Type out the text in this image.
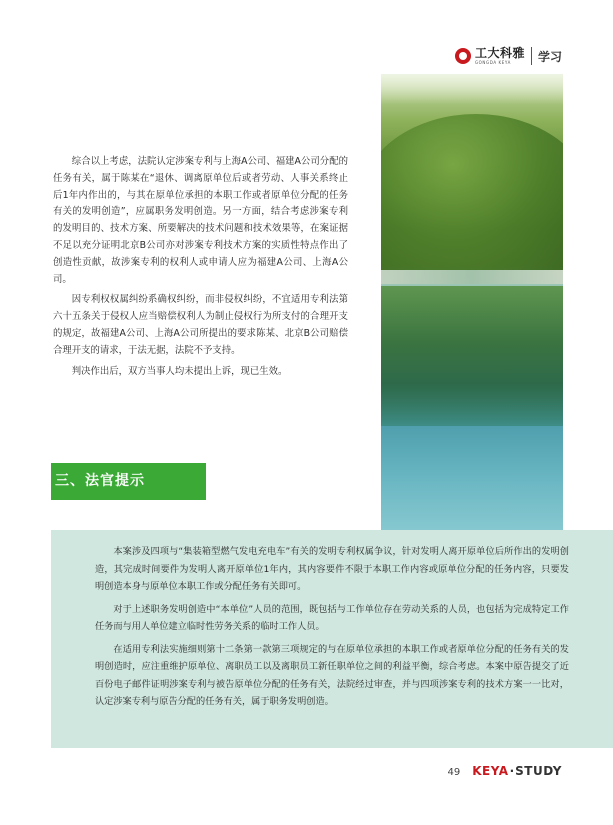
工大科雅
GONGDA KEYA	学习

综合以上考虑，法院认定涉案专利与上海A公司、福建A公司分配的任务有关，属于陈某在“退休、调离原单位后或者劳动、人事关系终止后1年内作出的，与其在原单位承担的本职工作或者原单位分配的任务有关的发明创造”，应属职务发明创造。另一方面，结合考虑涉案专利的发明目的、技术方案、所要解决的技术问题和技术效果等，在案证据不足以充分证明北京B公司亦对涉案专利技术方案的实质性特点作出了创造性贡献，故涉案专利的权利人或申请人应为福建A公司、上海A公司。

因专利权权属纠纷系确权纠纷，而非侵权纠纷，不宜适用专利法第六十五条关于侵权人应当赔偿权利人为制止侵权行为所支付的合理开支的规定，故福建A公司、上海A公司所提出的要求陈某、北京B公司赔偿合理开支的请求，于法无据，法院不予支持。

判决作出后，双方当事人均未提出上诉，现已生效。

三、法官提示

本案涉及四项与“集装箱型燃气发电充电车”有关的发明专利权属争议，针对发明人离开原单位后所作出的发明创造，其完成时间要件为发明人离开原单位1年内，其内容要件不限于本职工作内容或原单位分配的任务内容，只要发明创造本身与原单位本职工作或分配任务有关即可。

对于上述职务发明创造中“本单位”人员的范围，既包括与工作单位存在劳动关系的人员，也包括为完成特定工作任务而与用人单位建立临时性劳务关系的临时工作人员。

在适用专利法实施细则第十二条第一款第三项规定的与在原单位承担的本职工作或者原单位分配的任务有关的发明创造时，应注重维护原单位、离职员工以及离职员工新任职单位之间的利益平衡，综合考虑。本案中原告提交了近百份电子邮件证明涉案专利与被告原单位分配的任务有关，法院经过审查，并与四项涉案专利的技术方案一一比对，认定涉案专利与原告分配的任务有关，属于职务发明创造。

49 KEYA · STUDY
